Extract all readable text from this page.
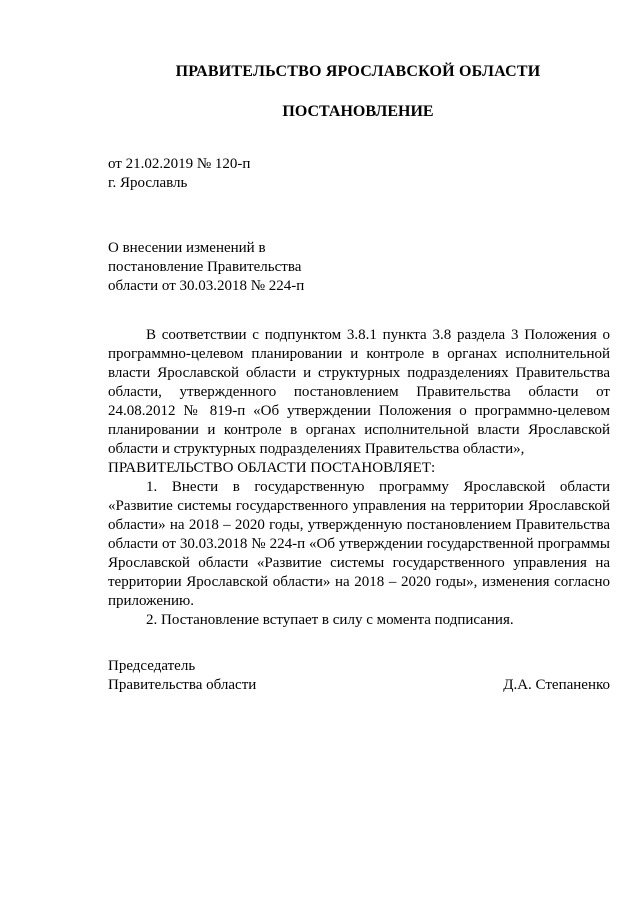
ПРАВИТЕЛЬСТВО ЯРОСЛАВСКОЙ ОБЛАСТИ
ПОСТАНОВЛЕНИЕ
от 21.02.2019 № 120-п
г. Ярославль
О внесении изменений в
постановление Правительства
области от 30.03.2018 № 224-п

В соответствии с подпунктом 3.8.1 пункта 3.8 раздела 3 Положения о программно-целевом планировании и контроле в органах исполнительной власти Ярославской области и структурных подразделениях Правительства области, утвержденного постановлением Правительства области от 24.08.2012 № 819-п «Об утверждении Положения о программно-целевом планировании и контроле в органах исполнительной власти Ярославской области и структурных подразделениях Правительства области»,

ПРАВИТЕЛЬСТВО ОБЛАСТИ ПОСТАНОВЛЯЕТ:

1. Внести в государственную программу Ярославской области «Развитие системы государственного управления на территории Ярославской области» на 2018 – 2020 годы, утвержденную постановлением Правительства области от 30.03.2018 № 224-п «Об утверждении государственной программы Ярославской области «Развитие системы государственного управления на территории Ярославской области» на 2018 – 2020 годы», изменения согласно приложению.

2. Постановление вступает в силу с момента подписания.

Председатель
Правительства области	Д.А. Степаненко
